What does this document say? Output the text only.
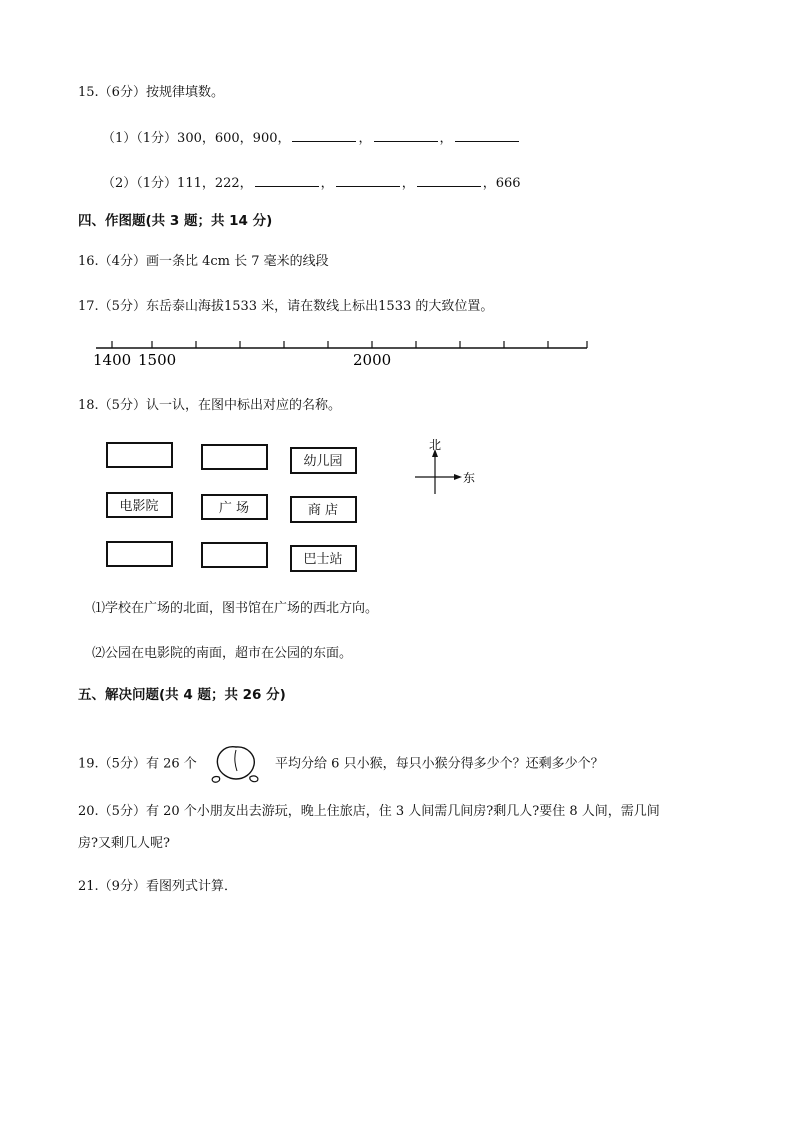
15.（6分）按规律填数。
（1）（1分）300，600，900，	，	，
（2）（1分）111，222，	，	，	，666
四、作图题(共 3 题；共 14 分)
16.（4分）画一条比 4cm 长 7 毫米的线段
17.（5分）东岳泰山海拔1533 米，请在数线上标出1533 的大致位置。
1400 1500	2000
18.（5分）认一认，在图中标出对应的名称。
幼儿园
电影院	广 场	商 店
巴士站
北
东
⑴学校在广场的北面，图书馆在广场的西北方向。
⑵公园在电影院的南面，超市在公园的东面。
五、解决问题(共 4 题；共 26 分)
19.（5分）有 26 个	平均分给 6 只小猴，每只小猴分得多少个？还剩多少个？
20.（5分）有 20 个小朋友出去游玩，晚上住旅店，住 3 人间需几间房?剩几人?要住 8 人间，需几间
房?又剩几人呢?
21.（9分）看图列式计算．
